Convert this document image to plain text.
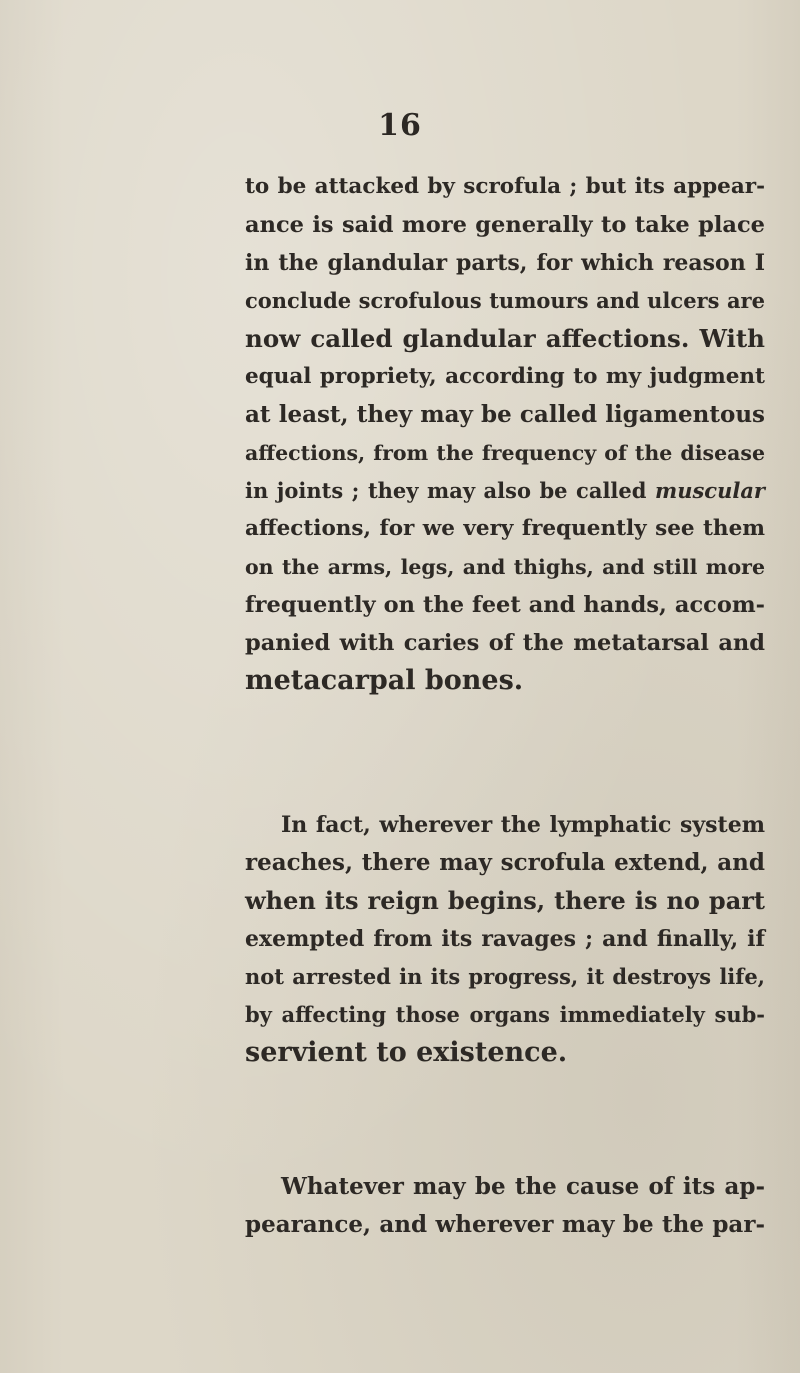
16
to be attacked by scrofula ; but its appear-
ance is said more generally to take place
in the glandular parts, for which reason I
conclude scrofulous tumours and ulcers are
now called glandular affections. With
equal propriety, according to my judgment
at least, they may be called ligamentous
affections, from the frequency of the disease
in joints ; they may also be called muscular
affections, for we very frequently see them
on the arms, legs, and thighs, and still more
frequently on the feet and hands, accom-
panied with caries of the metatarsal and
metacarpal bones.
In fact, wherever the lymphatic system
reaches, there may scrofula extend, and
when its reign begins, there is no part
exempted from its ravages ; and finally, if
not arrested in its progress, it destroys life,
by affecting those organs immediately sub-
servient to existence.
Whatever may be the cause of its ap-
pearance, and wherever may be the par-
